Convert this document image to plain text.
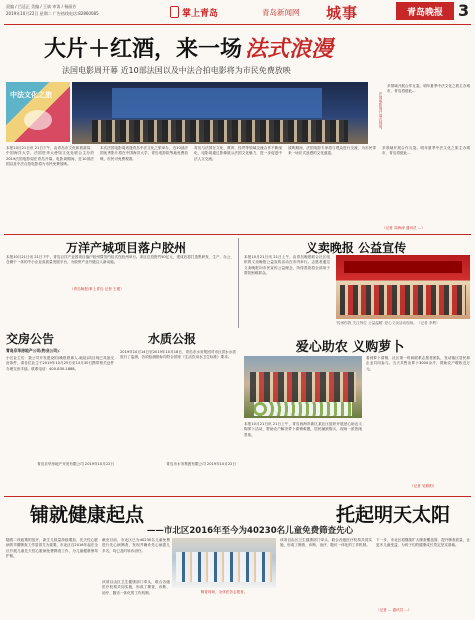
责编 / 吕廷正 美编 / 王斌 审读 / 杨丽芳
2019年10月22日 星期二 广告热线电话:82860085	掌上青岛	青岛新闻网 城事	青岛晚报 3
大片＋红酒，来一场 法式浪漫
法国电影周开幕 近10部法国以及中法合拍电影将为市民免费放映
中法文化之旅
多领域开展合作互鉴。明年夏季中法文化之旅主办城市，青岛将借此...
法国电影周开幕式现场。
本报10月21日讯 21日下午，由青岛市文化和旅游局、中国海洋大学、法国驻华大使馆文化处联合主办的2019法国电影周在青岛开幕。电影周期间，近10部法国以及中法合拍电影将为市民免费放映。
本次法国电影周适逢青岛中法文化之旅举办，近10部法国优秀影片将在中国海洋大学、青岛电影院等地免费放映，市民可免费观看。
青岛与法国在文化、教育、经贸等领域交流合作不断深化，电影周通过影像展示法国文化魅力，进一步促进中法人文交流。
放映期间，法国电影专家将与观众进行交流，为市民带来一场法式浪漫的文化盛宴。
多领域开展合作互鉴。明年夏季中法文化之旅主办城市，青岛将借此...
（记者 刘海涛 通讯员 ...）
万洋产城项目落户胶州
本报10月21日讯 21日下午，青岛百洋产业园项目落户胶州暨签约仪式在胶州举行。项目总投资约50亿元，建成后将打造集研发、生产、办公、仓储于一体的中小企业高质量发展平台，为胶州产业升级注入新动能。
（青岛晚报/掌上青岛 记者 王媛）
义卖晚报 公益宣传
本报10月21日讯 21日上午，由青岛晚报联合社区组织的义卖晚报公益宣传活动在市内举行。志愿者通过义卖晚报向市民宣传公益理念，所得善款将全部用于帮扶困难群众。
'传承你我 关注每位 公益温暖' 爱心义卖活动现场。（记者 李利）
交房公告
青岛京华房地产公司(物业公司)：
小区业主们：我公司开发建设的(晚报联系人-地址)项目现已具备交房条件，请各位业主于2019年10月25日至10月30日携带相关证件办理交房手续。联系电话：400-830-1888。
青岛京华房地产开发有限公司 2019年10月22日
水质公报
2019年10月14日至2019年10月18日，青岛市水务集团对市区供水水质进行了监测，各项检测指标均符合国家《生活饮用水卫生标准》要求。
青岛市水务集团有限公司 2019年10月22日
爱心助农 义购萝卜
看到萝卜滞销，社区第一时间联系志愿者团队，发动辖区居民和企业共同参与。当天共售出萝卜3000余斤，帮助农户增收近万元。
本报10月21日讯 21日上午，青岛西海岸新区某社区组织开展爱心助农义购萝卜活动，帮助农户解决萝卜滞销难题，居民踊跃购买，现场一派热闹景象。
（记者 吴修阳）
铺就健康起点	托起明天太阳
——市北区2016年至今为40230名儿童免费筛查先心
随着二孩政策的放开，新生儿数量持续增加，先天性心脏病的早期筛查工作显得尤为重要。市北区自2016年起在全区开展儿童先天性心脏病免费筛查工作，为儿童健康保驾护航。
截至目前，市北区已为40230名儿童免费进行先心病筛查，发现并确诊先心病患儿多名，均已及时转诊治疗。
筛查现场，全体医务志愿者。
该项目由区卫生健康部门牵头，联合各级医疗机构共同实施，形成了筛查、诊断、治疗、随访一体化的工作机制。
该项目由区卫生健康部门牵头，联合各级医疗机构共同实施，形成了筛查、诊断、治疗、随访一体化的工作机制。
下一步，市北区将继续扩大筛查覆盖面，提升筛查质量，让更多儿童受益，为孩子们的健康成长奠定坚实基础。
（记者 ... 通讯员 ...）
